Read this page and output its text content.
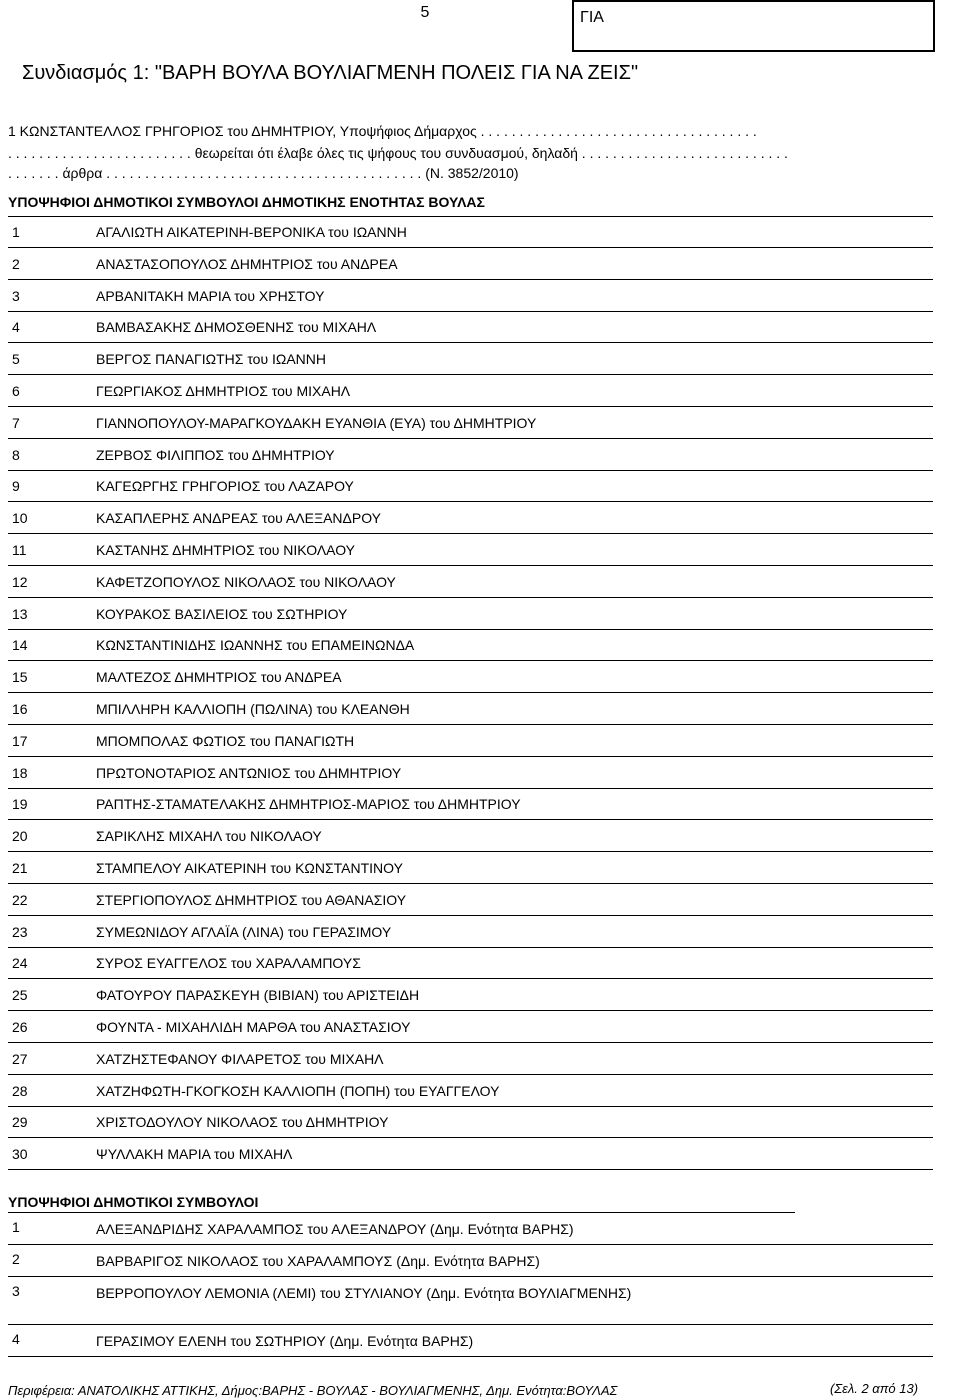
5	ΓΙΑ
Συνδιασμός 1: "ΒΑΡΗ ΒΟΥΛΑ ΒΟΥΛΙΑΓΜΕΝΗ ΠΟΛΕΙΣ ΓΙΑ ΝΑ ΖΕΙΣ"
1 ΚΩΝΣΤΑΝΤΕΛΛΟΣ ΓΡΗΓΟΡΙΟΣ του ΔΗΜΗΤΡΙΟΥ, Υποψήφιος Δήμαρχος . . . . . . . . . . . . . . . . . . . . . . . . . . . . . . . . . . . .
. . . . . . . . . . . . . . . . . . . . . . . . θεωρείται ότι έλαβε όλες τις ψήφους του συνδυασμού, δηλαδή . . . . . . . . . . . . . . . . . . . . . . . . . . .
. . . . . . . άρθρα . . . . . . . . . . . . . . . . . . . . . . . . . . . . . . . . . . . . . . . . . (Ν. 3852/2010)
ΥΠΟΨΗΦΙΟΙ ΔΗΜΟΤΙΚΟΙ ΣΥΜΒΟΥΛΟΙ ΔΗΜΟΤΙΚΗΣ ΕΝΟΤΗΤΑΣ ΒΟΥΛΑΣ
1	ΑΓΑΛΙΩΤΗ ΑΙΚΑΤΕΡΙΝΗ-ΒΕΡΟΝΙΚΑ του ΙΩΑΝΝΗ
2	ΑΝΑΣΤΑΣΟΠΟΥΛΟΣ ΔΗΜΗΤΡΙΟΣ του ΑΝΔΡΕΑ
3	ΑΡΒΑΝΙΤΑΚΗ ΜΑΡΙΑ του ΧΡΗΣΤΟΥ
4	ΒΑΜΒΑΣΑΚΗΣ ΔΗΜΟΣΘΕΝΗΣ του ΜΙΧΑΗΛ
5	ΒΕΡΓΟΣ ΠΑΝΑΓΙΩΤΗΣ του ΙΩΑΝΝΗ
6	ΓΕΩΡΓΙΑΚΟΣ ΔΗΜΗΤΡΙΟΣ του ΜΙΧΑΗΛ
7	ΓΙΑΝΝΟΠΟΥΛΟΥ-ΜΑΡΑΓΚΟΥΔΑΚΗ ΕΥΑΝΘΙΑ (ΕΥΑ) του ΔΗΜΗΤΡΙΟΥ
8	ΖΕΡΒΟΣ ΦΙΛΙΠΠΟΣ του ΔΗΜΗΤΡΙΟΥ
9	ΚΑΓΕΩΡΓΗΣ ΓΡΗΓΟΡΙΟΣ του ΛΑΖΑΡΟΥ
10	ΚΑΣΑΠΛΕΡΗΣ ΑΝΔΡΕΑΣ του ΑΛΕΞΑΝΔΡΟΥ
11	ΚΑΣΤΑΝΗΣ ΔΗΜΗΤΡΙΟΣ του ΝΙΚΟΛΑΟΥ
12	ΚΑΦΕΤΖΟΠΟΥΛΟΣ ΝΙΚΟΛΑΟΣ του ΝΙΚΟΛΑΟΥ
13	ΚΟΥΡΑΚΟΣ ΒΑΣΙΛΕΙΟΣ του ΣΩΤΗΡΙΟΥ
14	ΚΩΝΣΤΑΝΤΙΝΙΔΗΣ ΙΩΑΝΝΗΣ του ΕΠΑΜΕΙΝΩΝΔΑ
15	ΜΑΛΤΕΖΟΣ ΔΗΜΗΤΡΙΟΣ του ΑΝΔΡΕΑ
16	ΜΠΙΛΛΗΡΗ ΚΑΛΛΙΟΠΗ (ΠΩΛΙΝΑ) του ΚΛΕΑΝΘΗ
17	ΜΠΟΜΠΟΛΑΣ ΦΩΤΙΟΣ του ΠΑΝΑΓΙΩΤΗ
18	ΠΡΩΤΟΝΟΤΑΡΙΟΣ ΑΝΤΩΝΙΟΣ του ΔΗΜΗΤΡΙΟΥ
19	ΡΑΠΤΗΣ-ΣΤΑΜΑΤΕΛΑΚΗΣ ΔΗΜΗΤΡΙΟΣ-ΜΑΡΙΟΣ του ΔΗΜΗΤΡΙΟΥ
20	ΣΑΡΙΚΛΗΣ ΜΙΧΑΗΛ του ΝΙΚΟΛΑΟΥ
21	ΣΤΑΜΠΕΛΟΥ ΑΙΚΑΤΕΡΙΝΗ του ΚΩΝΣΤΑΝΤΙΝΟΥ
22	ΣΤΕΡΓΙΟΠΟΥΛΟΣ ΔΗΜΗΤΡΙΟΣ του ΑΘΑΝΑΣΙΟΥ
23	ΣΥΜΕΩΝΙΔΟΥ ΑΓΛΑΪΑ (ΛΙΝΑ) του ΓΕΡΑΣΙΜΟΥ
24	ΣΥΡΟΣ ΕΥΑΓΓΕΛΟΣ του ΧΑΡΑΛΑΜΠΟΥΣ
25	ΦΑΤΟΥΡΟΥ ΠΑΡΑΣΚΕΥΗ (ΒΙΒΙΑΝ) του ΑΡΙΣΤΕΙΔΗ
26	ΦΟΥΝΤΑ - ΜΙΧΑΗΛΙΔΗ ΜΑΡΘΑ του ΑΝΑΣΤΑΣΙΟΥ
27	ΧΑΤΖΗΣΤΕΦΑΝΟΥ ΦΙΛΑΡΕΤΟΣ του ΜΙΧΑΗΛ
28	ΧΑΤΖΗΦΩΤΗ-ΓΚΟΓΚΟΣΗ ΚΑΛΛΙΟΠΗ (ΠΟΠΗ) του ΕΥΑΓΓΕΛΟΥ
29	ΧΡΙΣΤΟΔΟΥΛΟΥ ΝΙΚΟΛΑΟΣ του ΔΗΜΗΤΡΙΟΥ
30	ΨΥΛΛΑΚΗ ΜΑΡΙΑ του ΜΙΧΑΗΛ
ΥΠΟΨΗΦΙΟΙ ΔΗΜΟΤΙΚΟΙ ΣΥΜΒΟΥΛΟΙ
1	ΑΛΕΞΑΝΔΡΙΔΗΣ ΧΑΡΑΛΑΜΠΟΣ του ΑΛΕΞΑΝΔΡΟΥ (Δημ. Ενότητα ΒΑΡΗΣ)
2	ΒΑΡΒΑΡΙΓΟΣ ΝΙΚΟΛΑΟΣ του ΧΑΡΑΛΑΜΠΟΥΣ (Δημ. Ενότητα ΒΑΡΗΣ)
3	ΒΕΡΡΟΠΟΥΛΟΥ ΛΕΜΟΝΙΑ (ΛΕΜΙ) του ΣΤΥΛΙΑΝΟΥ (Δημ. Ενότητα ΒΟΥΛΙΑΓΜΕΝΗΣ)
4	ΓΕΡΑΣΙΜΟΥ ΕΛΕΝΗ του ΣΩΤΗΡΙΟΥ (Δημ. Ενότητα ΒΑΡΗΣ)
Περιφέρεια: ΑΝΑΤΟΛΙΚΗΣ ΑΤΤΙΚΗΣ, Δήμος:ΒΑΡΗΣ - ΒΟΥΛΑΣ - ΒΟΥΛΙΑΓΜΕΝΗΣ, Δημ. Ενότητα:ΒΟΥΛΑΣ	(Σελ. 2 από 13)
